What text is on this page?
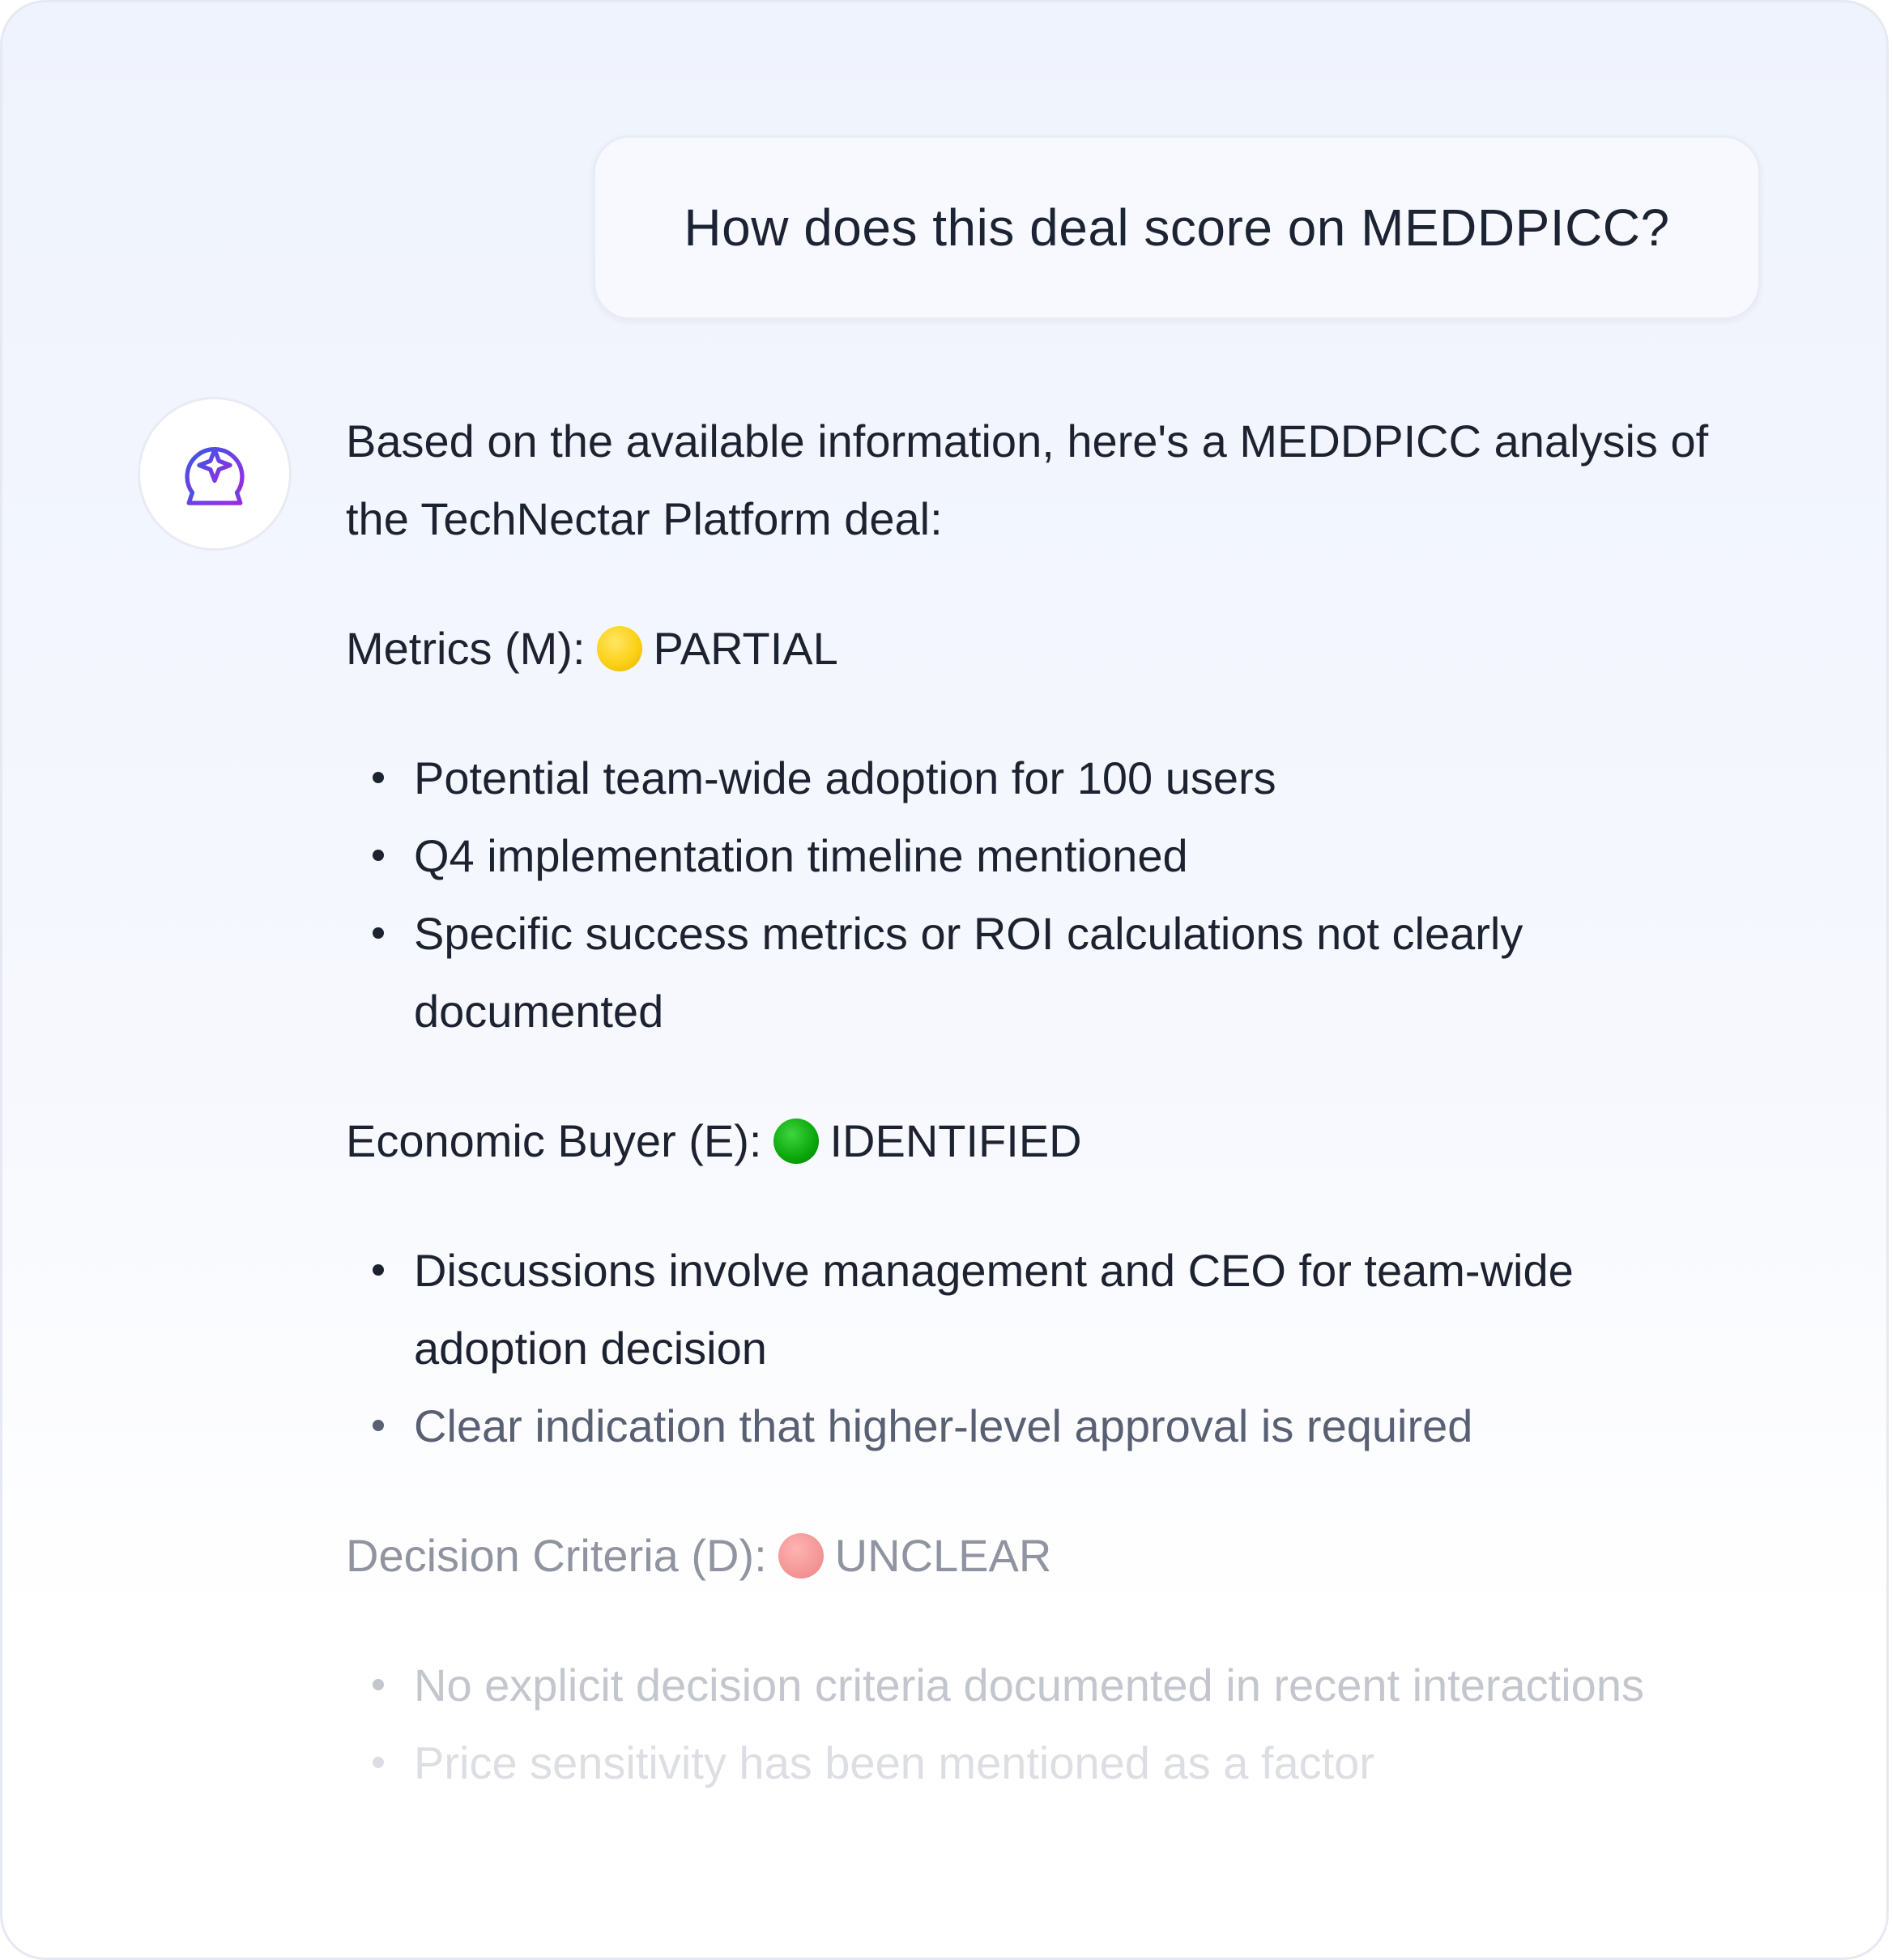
How does this deal score on MEDDPICC?

Based on the available information, here's a MEDDPICC analysis of the TechNectar Platform deal:

Metrics (M): PARTIAL

Potential team-wide adoption for 100 users
Q4 implementation timeline mentioned
Specific success metrics or ROI calculations not clearly documented

Economic Buyer (E): IDENTIFIED

Discussions involve management and CEO for team-wide adoption decision
Clear indication that higher-level approval is required

Decision Criteria (D): UNCLEAR

No explicit decision criteria documented in recent interactions
Price sensitivity has been mentioned as a factor
